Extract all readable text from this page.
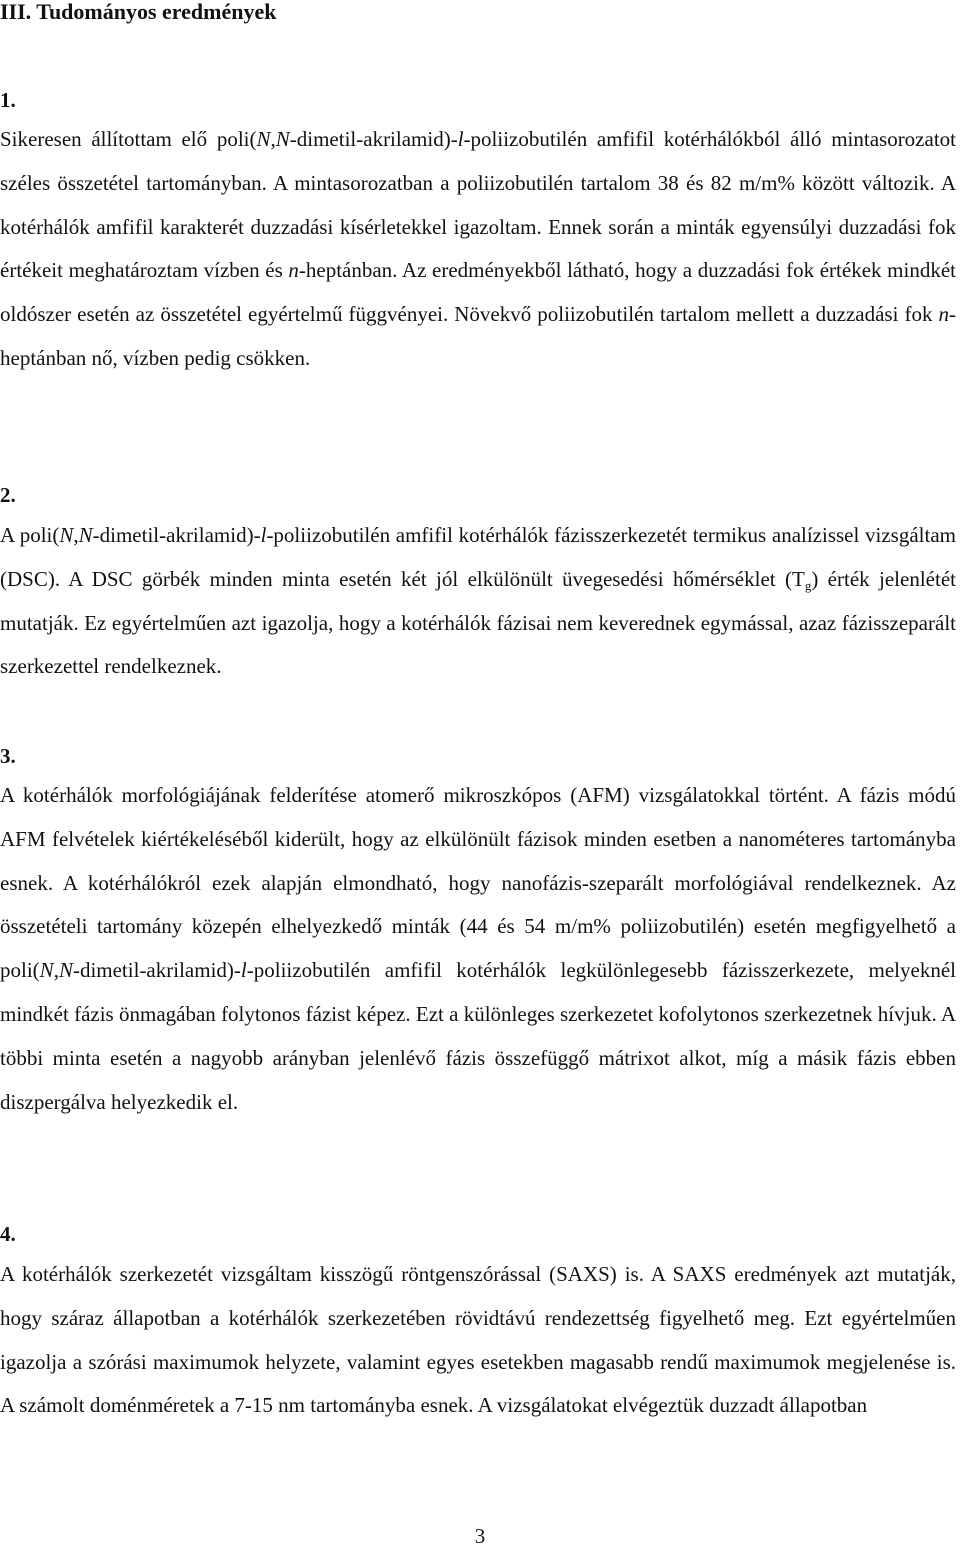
III. Tudományos eredmények
1.

Sikeresen állítottam elő poli(N,N-dimetil-akrilamid)-l-poliizobutilén amfifil kotérhálókból álló mintasorozatot széles összetétel tartományban. A mintasorozatban a poliizobutilén tartalom 38 és 82 m/m% között változik. A kotérhálók amfifil karakterét duzzadási kísérletekkel igazoltam. Ennek során a minták egyensúlyi duzzadási fok értékeit meghatároztam vízben és n-heptánban. Az eredményekből látható, hogy a duzzadási fok értékek mindkét oldószer esetén az összetétel egyértelmű függvényei. Növekvő poliizobutilén tartalom mellett a duzzadási fok n-heptánban nő, vízben pedig csökken.

2.

A poli(N,N-dimetil-akrilamid)-l-poliizobutilén amfifil kotérhálók fázisszerkezetét termikus analízissel vizsgáltam (DSC). A DSC görbék minden minta esetén két jól elkülönült üvegesedési hőmérséklet $(T_g)$ érték jelenlétét mutatják. Ez egyértelműen azt igazolja, hogy a kotérhálók fázisai nem keverednek egymással, azaz fázisszeparált szerkezettel rendelkeznek.

3.

A kotérhálók morfológiájának felderítése atomerő mikroszkópos (AFM) vizsgálatokkal történt. A fázis módú AFM felvételek kiértékeléséből kiderült, hogy az elkülönült fázisok minden esetben a nanométeres tartományba esnek. A kotérhálókról ezek alapján elmondható, hogy nanofázis-szeparált morfológiával rendelkeznek. Az összetételi tartomány közepén elhelyezkedő minták (44 és 54 m/m% poliizobutilén) esetén megfigyelhető a poli(N,N-dimetil-akrilamid)-l-poliizobutilén amfifil kotérhálók legkülönlegesebb fázisszerkezete, melyeknél mindkét fázis önmagában folytonos fázist képez. Ezt a különleges szerkezetet kofolytonos szerkezetnek hívjuk. A többi minta esetén a nagyobb arányban jelenlévő fázis összefüggő mátrixot alkot, míg a másik fázis ebben diszpergálva helyezkedik el.

4.

A kotérhálók szerkezetét vizsgáltam kisszögű röntgenszórással (SAXS) is. A SAXS eredmények azt mutatják, hogy száraz állapotban a kotérhálók szerkezetében rövidtávú rendezettség figyelhető meg. Ezt egyértelműen igazolja a szórási maximumok helyzete, valamint egyes esetekben magasabb rendű maximumok megjelenése is. A számolt doménméretek a 7-15 nm tartományba esnek. A vizsgálatokat elvégeztük duzzadt állapotban

3
